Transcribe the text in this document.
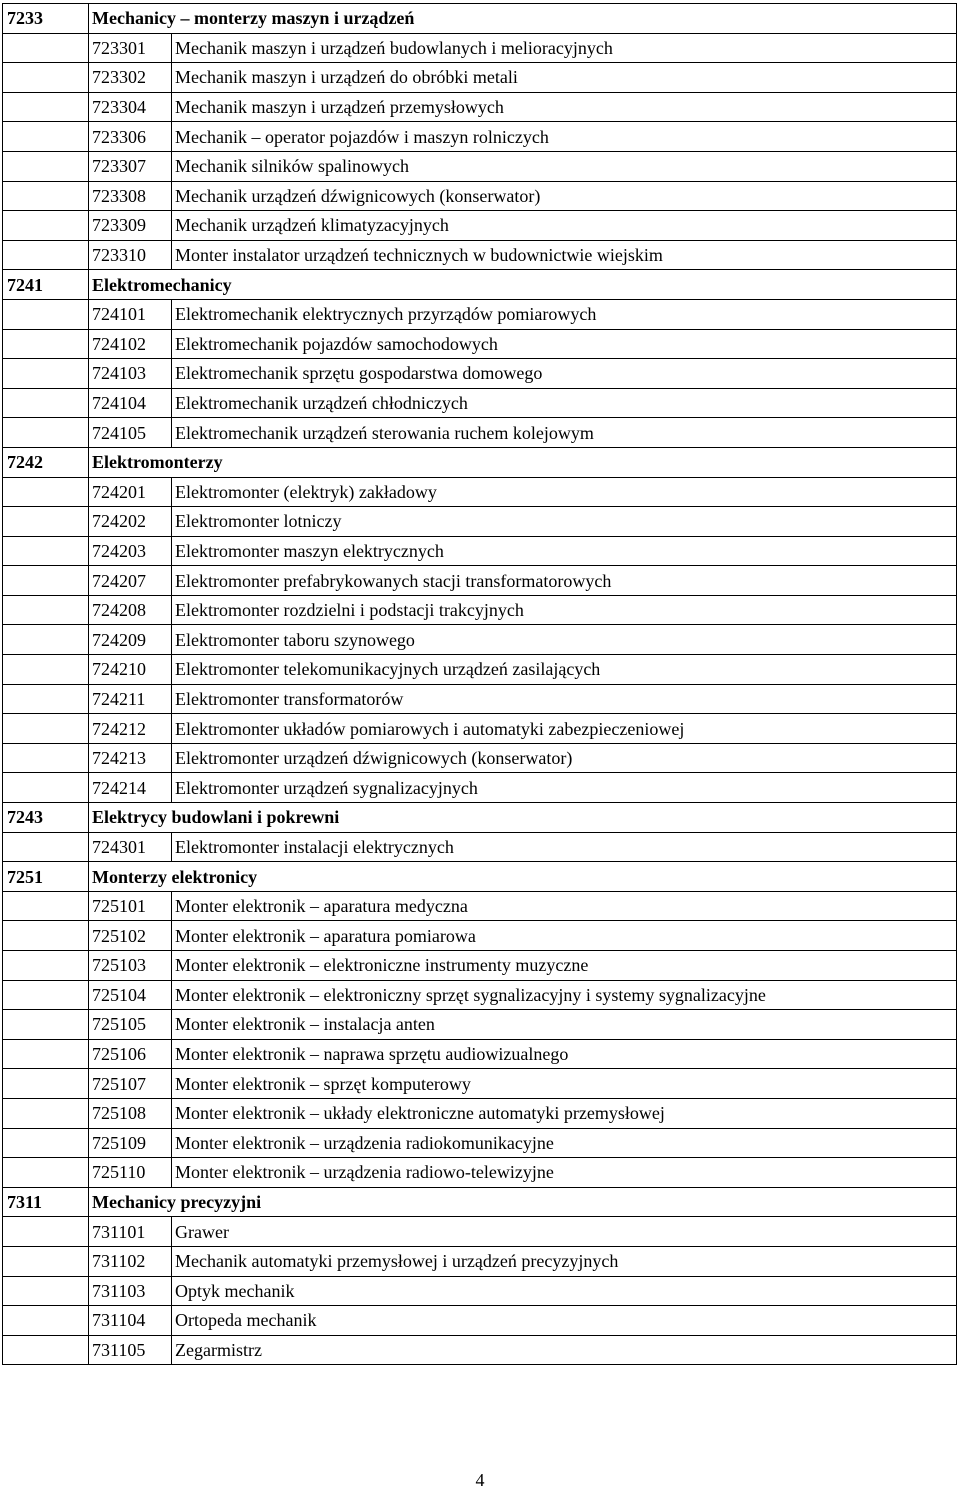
7233	Mechanicy – monterzy maszyn i urządzeń	
	723301	Mechanik maszyn i urządzeń budowlanych i melioracyjnych
	723302	Mechanik maszyn i urządzeń do obróbki metali
	723304	Mechanik maszyn i urządzeń przemysłowych
	723306	Mechanik – operator pojazdów i maszyn rolniczych
	723307	Mechanik silników spalinowych
	723308	Mechanik urządzeń dźwignicowych (konserwator)
	723309	Mechanik urządzeń klimatyzacyjnych
	723310	Monter instalator urządzeń technicznych w budownictwie wiejskim
7241	Elektromechanicy	
	724101	Elektromechanik elektrycznych przyrządów pomiarowych
	724102	Elektromechanik pojazdów samochodowych
	724103	Elektromechanik sprzętu gospodarstwa domowego
	724104	Elektromechanik urządzeń chłodniczych
	724105	Elektromechanik urządzeń sterowania ruchem kolejowym
7242	Elektromonterzy	
	724201	Elektromonter (elektryk) zakładowy
	724202	Elektromonter lotniczy
	724203	Elektromonter maszyn elektrycznych
	724207	Elektromonter prefabrykowanych stacji transformatorowych
	724208	Elektromonter rozdzielni i podstacji trakcyjnych
	724209	Elektromonter taboru szynowego
	724210	Elektromonter telekomunikacyjnych urządzeń zasilających
	724211	Elektromonter transformatorów
	724212	Elektromonter układów pomiarowych i automatyki zabezpieczeniowej
	724213	Elektromonter urządzeń dźwignicowych (konserwator)
	724214	Elektromonter urządzeń sygnalizacyjnych
7243	Elektrycy budowlani i pokrewni	
	724301	Elektromonter instalacji elektrycznych
7251	Monterzy elektronicy	
	725101	Monter elektronik – aparatura medyczna
	725102	Monter elektronik – aparatura pomiarowa
	725103	Monter elektronik – elektroniczne instrumenty muzyczne
	725104	Monter elektronik – elektroniczny sprzęt sygnalizacyjny i systemy sygnalizacyjne
	725105	Monter elektronik – instalacja anten
	725106	Monter elektronik – naprawa sprzętu audiowizualnego
	725107	Monter elektronik – sprzęt komputerowy
	725108	Monter elektronik – układy elektroniczne automatyki przemysłowej
	725109	Monter elektronik – urządzenia radiokomunikacyjne
	725110	Monter elektronik – urządzenia radiowo-telewizyjne
7311	Mechanicy precyzyjni	
	731101	Grawer
	731102	Mechanik automatyki przemysłowej i urządzeń precyzyjnych
	731103	Optyk mechanik
	731104	Ortopeda mechanik
	731105	Zegarmistrz
4
